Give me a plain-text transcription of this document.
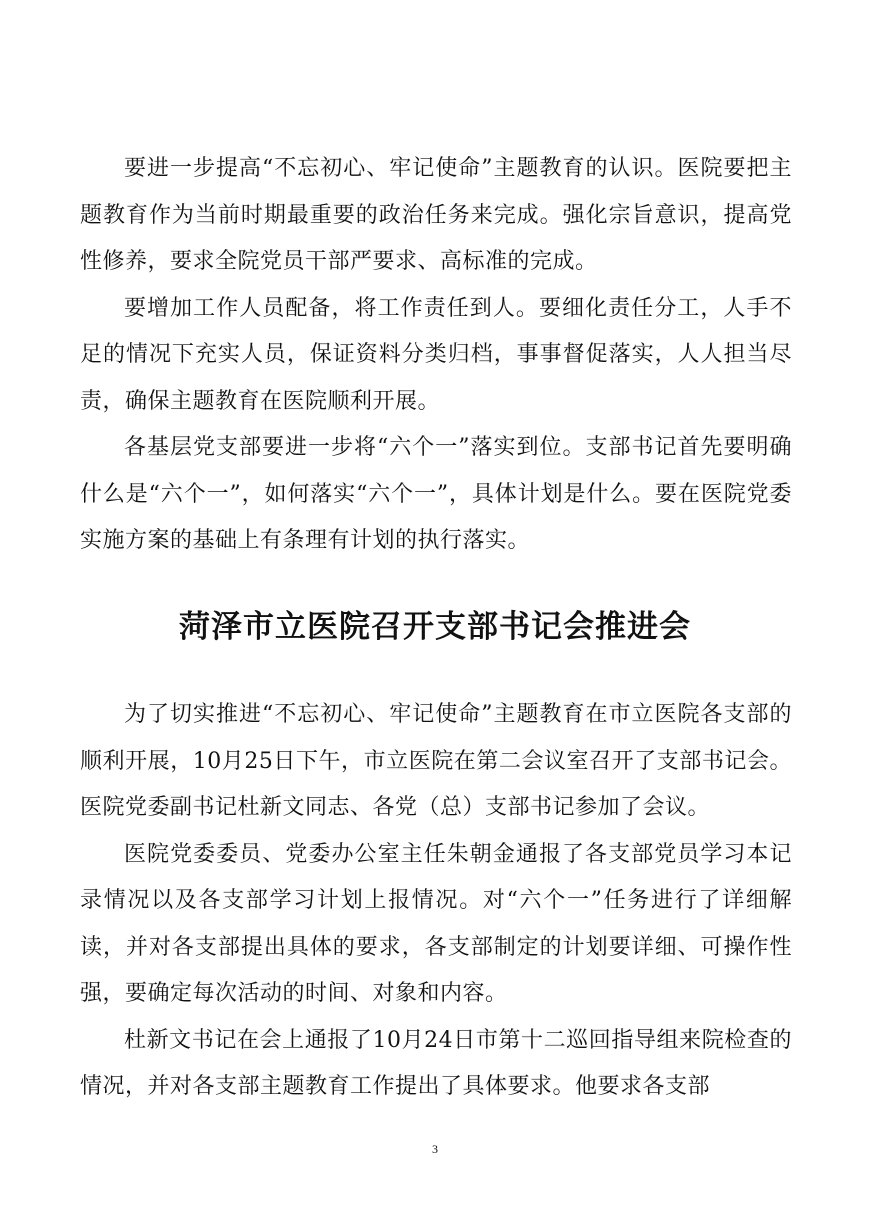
要进一步提高“不忘初心、牢记使命”主题教育的认识。医院要把主题教育作为当前时期最重要的政治任务来完成。强化宗旨意识，提高党性修养，要求全院党员干部严要求、高标准的完成。

要增加工作人员配备，将工作责任到人。要细化责任分工，人手不足的情况下充实人员，保证资料分类归档，事事督促落实，人人担当尽责，确保主题教育在医院顺利开展。

各基层党支部要进一步将“六个一”落实到位。支部书记首先要明确什么是“六个一”，如何落实“六个一”，具体计划是什么。要在医院党委实施方案的基础上有条理有计划的执行落实。

菏泽市立医院召开支部书记会推进会

为了切实推进“不忘初心、牢记使命”主题教育在市立医院各支部的顺利开展，10月25日下午，市立医院在第二会议室召开了支部书记会。医院党委副书记杜新文同志、各党（总）支部书记参加了会议。

医院党委委员、党委办公室主任朱朝金通报了各支部党员学习本记录情况以及各支部学习计划上报情况。对“六个一”任务进行了详细解读，并对各支部提出具体的要求，各支部制定的计划要详细、可操作性强，要确定每次活动的时间、对象和内容。

杜新文书记在会上通报了10月24日市第十二巡回指导组来院检查的情况，并对各支部主题教育工作提出了具体要求。他要求各支部

3
